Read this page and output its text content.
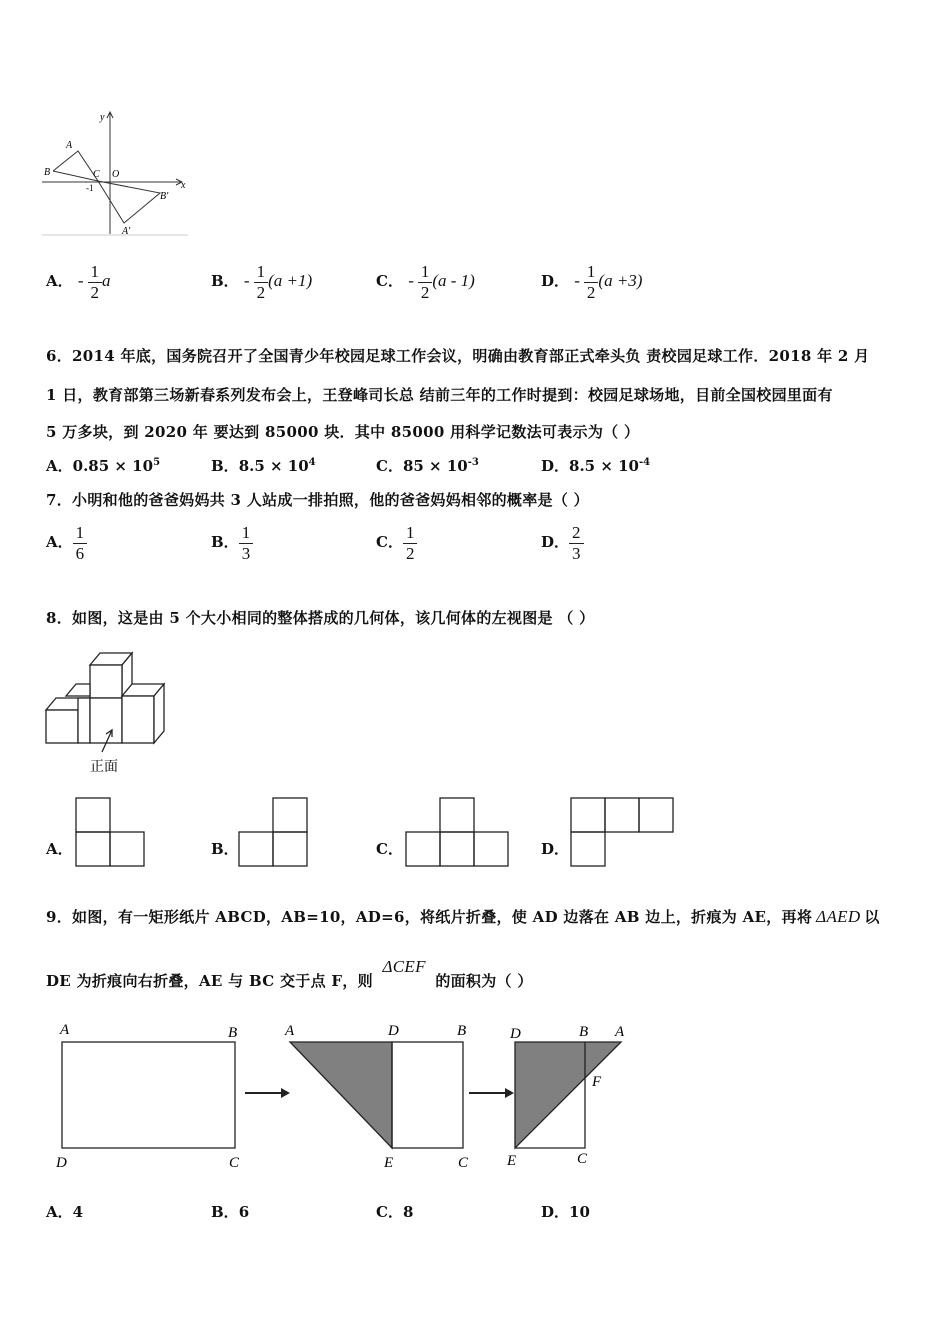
y
x
A
B	C O
-1
B'
A'
A． - $\frac{1}{2}$ a	B． - $\frac{1}{2} (a +1)$	C． - $\frac{1}{2} (a - 1)$	D． - $\frac{1}{2} (a +3)$
6．2014 年底，国务院召开了全国青少年校园足球工作会议，明确由教育部正式牵头负 责校园足球工作．2018 年 2 月
1 日，教育部第三场新春系列发布会上，王登峰司长总 结前三年的工作时提到：校园足球场地，目前全国校园里面有
5 万多块，到 2020 年 要达到 85000 块．其中 85000 用科学记数法可表示为（ ）
A．$0.85 \times 10^5$	B．$8.5 \times 10^4$	C．$85 \times 10^{-3}$	D．$8.5 \times 10^{-4}$
7．小明和他的爸爸妈妈共 3 人站成一排拍照，他的爸爸妈妈相邻的概率是（ ）
A． $\frac{1}{6}$	B． $\frac{1}{3}$	C． $\frac{1}{2}$	D． $\frac{2}{3}$
8．如图，这是由 5 个大小相同的整体搭成的几何体，该几何体的左视图是 （ ）
正面
A．	B．	C．	D．
9．如图，有一矩形纸片 ABCD，AB=10，AD=6，将纸片折叠，使 AD 边落在 AB 边上，折痕为 AE，再将 ΔAED 以
DE 为折痕向右折叠，AE 与 BC 交于点 F，则 ΔCEF 的面积为（ ）
A	B
D	C
A	D	B
E	C
D	B A
F
E	C
A．4	B．6	C．8	D．10
